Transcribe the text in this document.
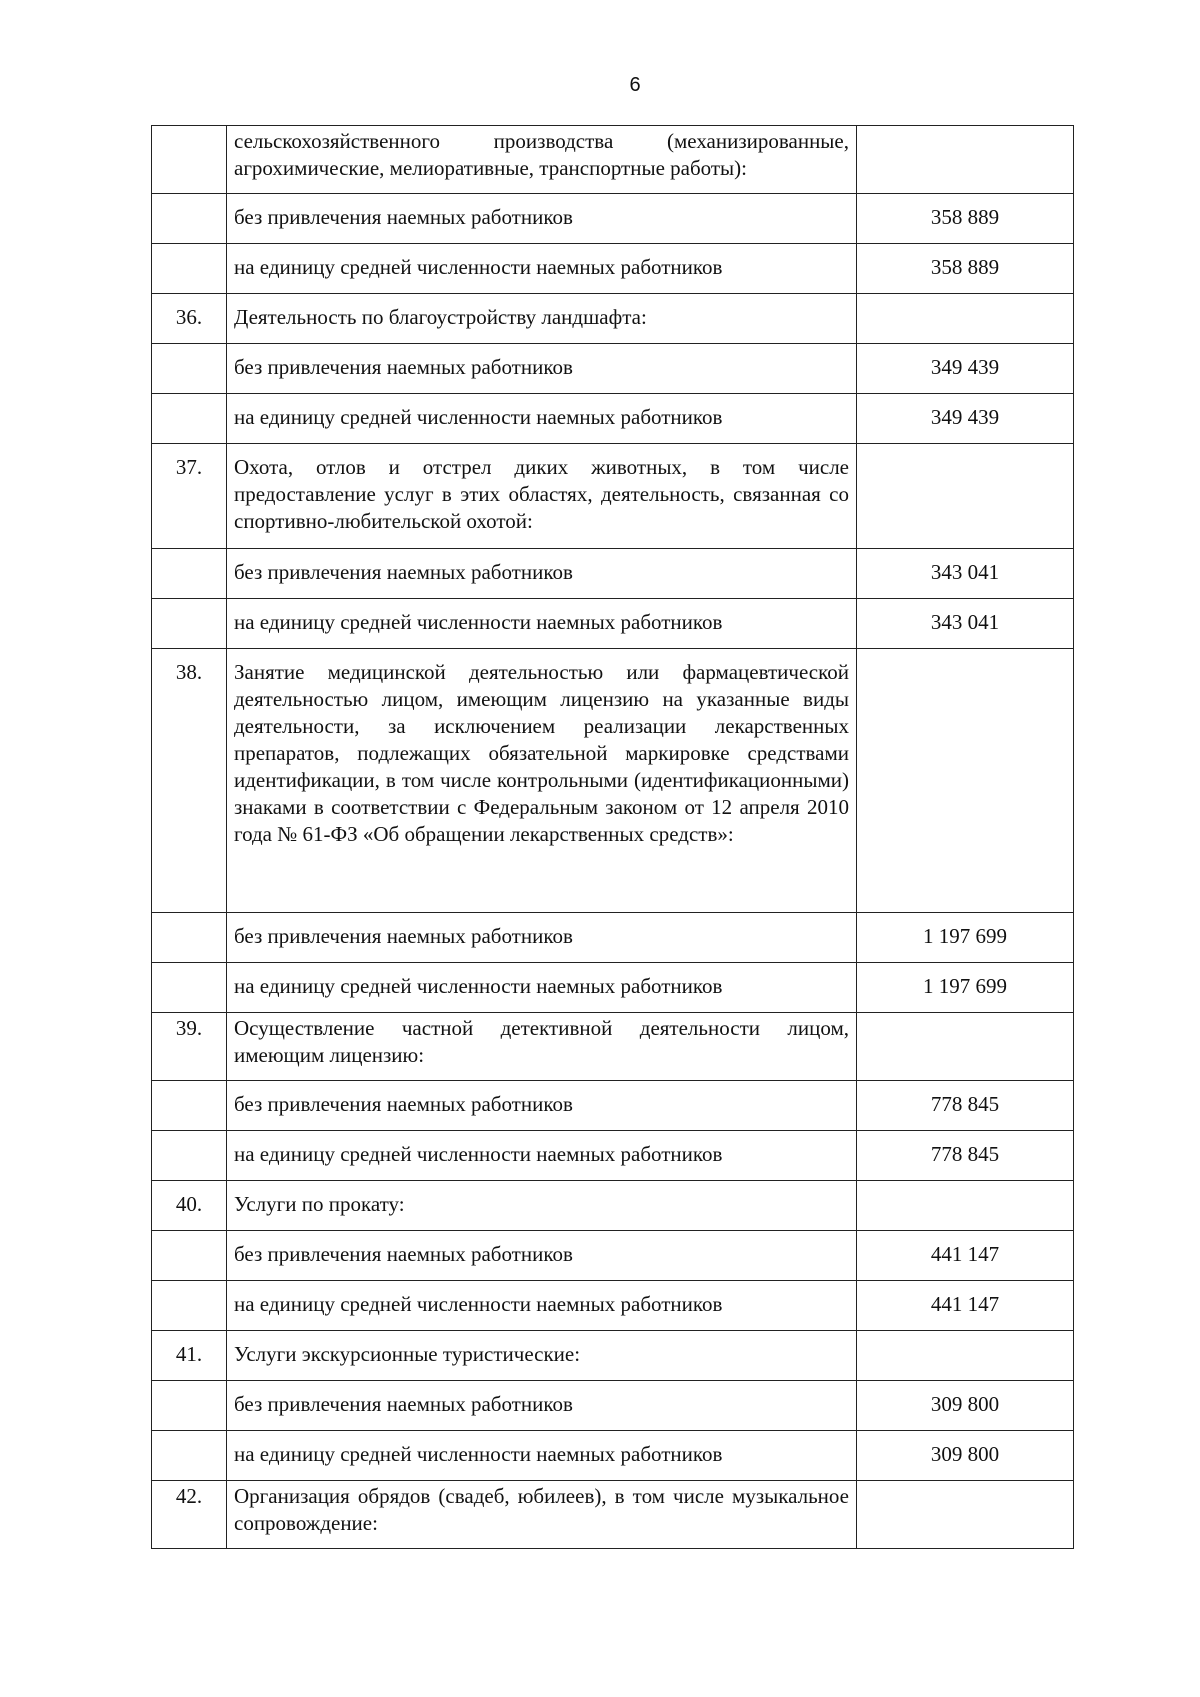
6
	сельскохозяйственного производства (механизированные, агрохимические, мелиоративные, транспортные работы):	
	без привлечения наемных работников	358 889
	на единицу средней численности наемных работников	358 889
36.	Деятельность по благоустройству ландшафта:	
	без привлечения наемных работников	349 439
	на единицу средней численности наемных работников	349 439
37.	Охота, отлов и отстрел диких животных, в том числе предоставление услуг в этих областях, деятельность, связанная со спортивно-любительской охотой:	
	без привлечения наемных работников	343 041
	на единицу средней численности наемных работников	343 041
38.	Занятие медицинской деятельностью или фармацевтической деятельностью лицом, имеющим лицензию на указанные виды деятельности, за исключением реализации лекарственных препаратов, подлежащих обязательной маркировке средствами идентификации, в том числе контрольными (идентификационными) знаками в соответствии с Федеральным законом от 12 апреля 2010 года № 61-ФЗ «Об обращении лекарственных средств»:	
	без привлечения наемных работников	1 197 699
	на единицу средней численности наемных работников	1 197 699
39.	Осуществление частной детективной деятельности лицом, имеющим лицензию:	
	без привлечения наемных работников	778 845
	на единицу средней численности наемных работников	778 845
40.	Услуги по прокату:	
	без привлечения наемных работников	441 147
	на единицу средней численности наемных работников	441 147
41.	Услуги экскурсионные туристические:	
	без привлечения наемных работников	309 800
	на единицу средней численности наемных работников	309 800
42.	Организация обрядов (свадеб, юбилеев), в том числе музыкальное сопровождение:	
